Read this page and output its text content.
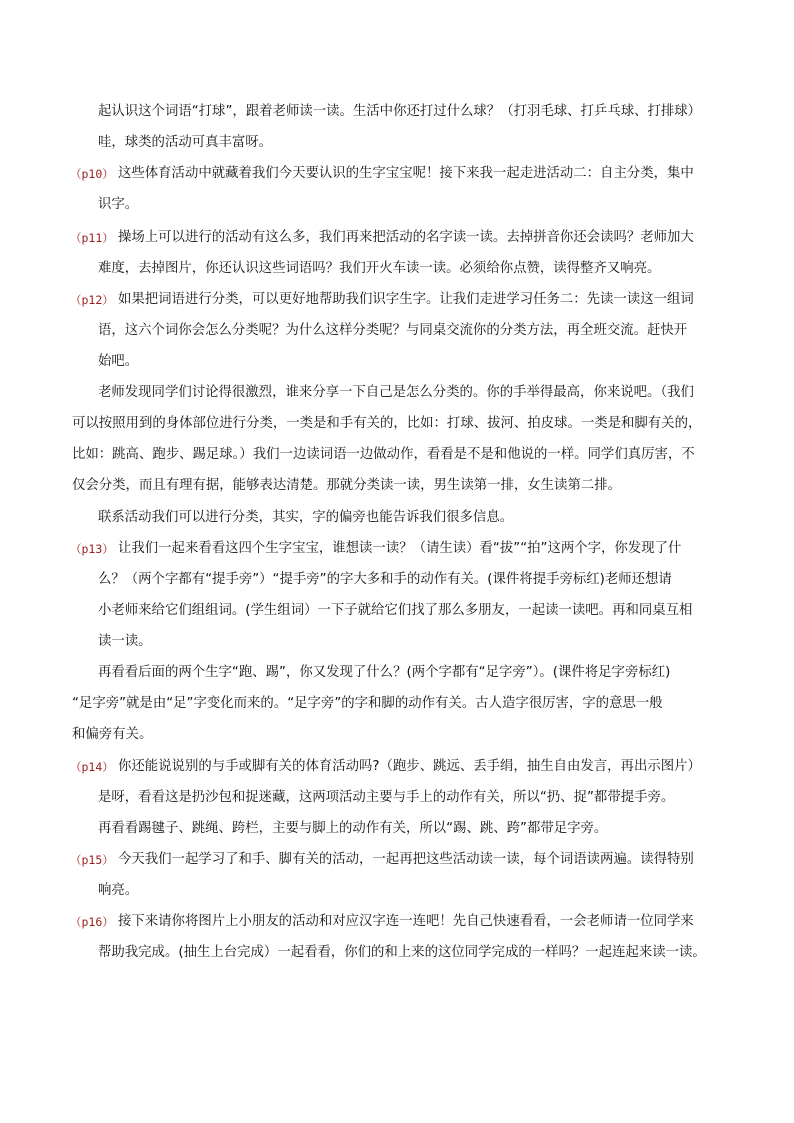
起认识这个词语“打球”，跟着老师读一读。生活中你还打过什么球？（打羽毛球、打乒乓球、打排球）
哇，球类的活动可真丰富呀。
（p10） 这些体育活动中就藏着我们今天要认识的生字宝宝呢！接下来我一起走进活动二：自主分类，集中
识字。
（p11） 操场上可以进行的活动有这么多，我们再来把活动的名字读一读。去掉拼音你还会读吗？老师加大
难度，去掉图片，你还认识这些词语吗？我们开火车读一读。必须给你点赞，读得整齐又响亮。
（p12） 如果把词语进行分类，可以更好地帮助我们识字生字。让我们走进学习任务二：先读一读这一组词
语，这六个词你会怎么分类呢？为什么这样分类呢？与同桌交流你的分类方法，再全班交流。赶快开
始吧。
老师发现同学们讨论得很激烈，谁来分享一下自己是怎么分类的。你的手举得最高，你来说吧。（我们
可以按照用到的身体部位进行分类，一类是和手有关的，比如：打球、拔河、拍皮球。一类是和脚有关的，
比如：跳高、跑步、踢足球。）我们一边读词语一边做动作，看看是不是和他说的一样。同学们真厉害，不
仅会分类，而且有理有据，能够表达清楚。那就分类读一读，男生读第一排，女生读第二排。
联系活动我们可以进行分类，其实，字的偏旁也能告诉我们很多信息。
（p13） 让我们一起来看看这四个生字宝宝，谁想读一读？（请生读）看“拔”“拍”这两个字，你发现了什
么？（两个字都有“提手旁”）“提手旁”的字大多和手的动作有关。(课件将提手旁标红)老师还想请
小老师来给它们组组词。(学生组词）一下子就给它们找了那么多朋友，一起读一读吧。再和同桌互相
读一读。
再看看后面的两个生字“跑、踢”，你又发现了什么？(两个字都有“足字旁”）。(课件将足字旁标红)
“足字旁”就是由“足”字变化而来的。“足字旁”的字和脚的动作有关。古人造字很厉害，字的意思一般
和偏旁有关。
（p14） 你还能说说别的与手或脚有关的体育活动吗?（跑步、跳远、丢手绢，抽生自由发言，再出示图片）
是呀，看看这是扔沙包和捉迷藏，这两项活动主要与手上的动作有关，所以“扔、捉”都带提手旁。
再看看踢毽子、跳绳、跨栏，主要与脚上的动作有关，所以“踢、跳、跨”都带足字旁。
（p15） 今天我们一起学习了和手、脚有关的活动，一起再把这些活动读一读，每个词语读两遍。读得特别
响亮。
（p16） 接下来请你将图片上小朋友的活动和对应汉字连一连吧！先自己快速看看，一会老师请一位同学来
帮助我完成。(抽生上台完成）一起看看，你们的和上来的这位同学完成的一样吗？一起连起来读一读。
